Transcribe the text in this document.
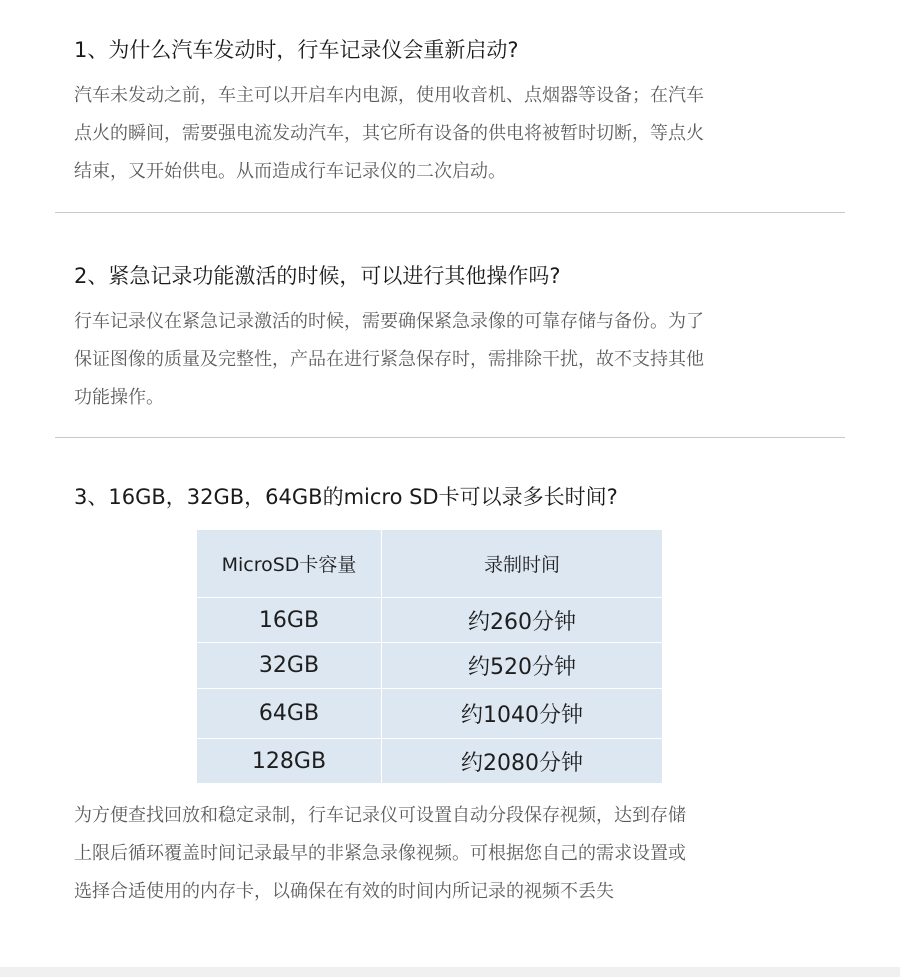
1、为什么汽车发动时，行车记录仪会重新启动?
汽车未发动之前，车主可以开启车内电源，使用收音机、点烟器等设备；在汽车
点火的瞬间，需要强电流发动汽车，其它所有设备的供电将被暂时切断，等点火
结束，又开始供电。从而造成行车记录仪的二次启动。
2、紧急记录功能激活的时候，可以进行其他操作吗?
行车记录仪在紧急记录激活的时候，需要确保紧急录像的可靠存储与备份。为了
保证图像的质量及完整性，产品在进行紧急保存时，需排除干扰，故不支持其他
功能操作。
3、16GB，32GB，64GB的micro SD卡可以录多长时间?
MicroSD卡容量	录制时间
16GB	约260分钟
32GB	约520分钟
64GB	约1040分钟
128GB	约2080分钟
为方便查找回放和稳定录制，行车记录仪可设置自动分段保存视频，达到存储
上限后循环覆盖时间记录最早的非紧急录像视频。可根据您自己的需求设置或
选择合适使用的内存卡，以确保在有效的时间内所记录的视频不丢失
